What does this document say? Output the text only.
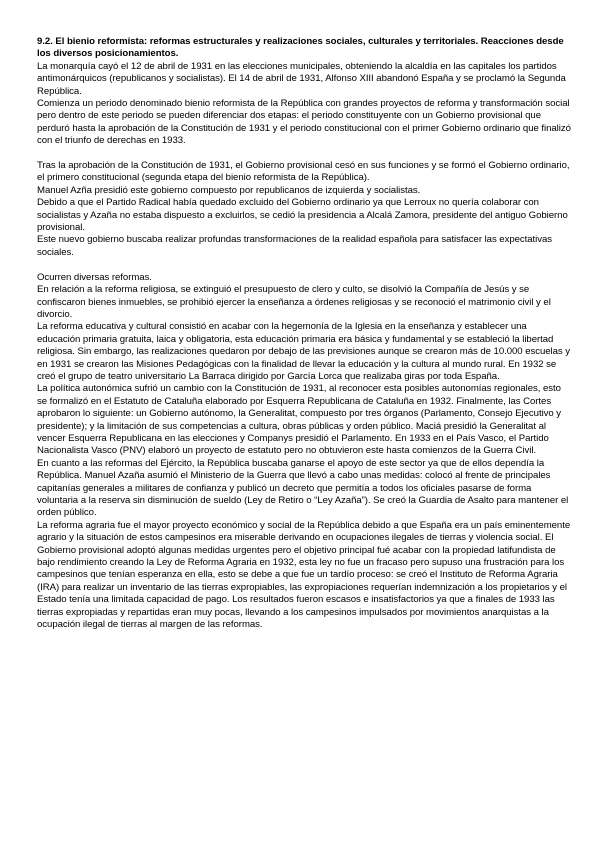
9.2. El bienio reformista: reformas estructurales y realizaciones sociales, culturales y territoriales. Reacciones desde los diversos posicionamientos.

La monarquía cayó el 12 de abril de 1931 en las elecciones municipales, obteniendo la alcaldía en las capitales los partidos antimonárquicos (republicanos y socialistas). El 14 de abril de 1931, Alfonso XIII abandonó España y se proclamó la Segunda República.

Comienza un periodo denominado bienio reformista de la República con grandes proyectos de reforma y transformación social pero dentro de este periodo se pueden diferenciar dos etapas: el periodo constituyente con un Gobierno provisional que perduró hasta la aprobación de la Constitución de 1931 y el periodo constitucional con el primer Gobierno ordinario que finalizó con el triunfo de derechas en 1933.

Tras la aprobación de la Constitución de 1931, el Gobierno provisional cesó en sus funciones y se formó el Gobierno ordinario, el primero constitucional (segunda etapa del bienio reformista de la República).

Manuel Azña presidió este gobierno compuesto por republicanos de izquierda y socialistas.

Debido a que el Partido Radical había quedado excluido del Gobierno ordinario ya que Lerroux no quería colaborar con socialistas y Azaña no estaba dispuesto a excluirlos, se cedió la presidencia a Alcalá Zamora, presidente del antiguo Gobierno provisional.

Este nuevo gobierno buscaba realizar profundas transformaciones de la realidad española para satisfacer las expectativas sociales.

Ocurren diversas reformas.

En relación a la reforma religiosa, se extinguió el presupuesto de clero y culto, se disolvió la Compañía de Jesús y se confiscaron bienes inmuebles, se prohibió ejercer la enseñanza a órdenes religiosas y se reconoció el matrimonio civil y el divorcio.

La reforma educativa y cultural consistió en acabar con la hegemonía de la Iglesia en la enseñanza y establecer una educación primaria gratuita, laica y obligatoria, esta educación primaria era básica y fundamental y se estableció la libertad religiosa. Sin embargo, las realizaciones quedaron por debajo de las previsiones aunque se crearon más de 10.000 escuelas y en 1931 se crearon las Misiones Pedagógicas con la finalidad de llevar la educación y la cultura al mundo rural. En 1932 se creó el grupo de teatro universitario La Barraca dirigido por García Lorca que realizaba giras por toda España.

La política autonómica sufrió un cambio con la Constitución de 1931, al reconocer esta posibles autonomías regionales, esto se formalizó en el Estatuto de Cataluña elaborado por Esquerra Republicana de Cataluña en 1932. Finalmente, las Cortes aprobaron lo siguiente: un Gobierno autónomo, la Generalitat, compuesto por tres órganos (Parlamento, Consejo Ejecutivo y presidente); y la limitación de sus competencias a cultura, obras públicas y orden público. Maciá presidió la Generalitat al vencer Esquerra Republicana en las elecciones y Companys presidió el Parlamento. En 1933 en el País Vasco, el Partido Nacionalista Vasco (PNV) elaboró un proyecto de estatuto pero no obtuvieron este hasta comienzos de la Guerra Civil.

En cuanto a las reformas del Ejército, la República buscaba ganarse el apoyo de este sector ya que de ellos dependía la República. Manuel Azaña asumió el Ministerio de la Guerra que llevó a cabo unas medidas: colocó al frente de principales capitanías generales a militares de confianza y publicó un decreto que permitía a todos los oficiales pasarse de forma voluntaria a la reserva sin disminución de sueldo (Ley de Retiro o “Ley Azaña”). Se creó la Guardia de Asalto para mantener el orden público.

La reforma agraria fue el mayor proyecto económico y social de la República debido a que España era un país eminentemente agrario y la situación de estos campesinos era miserable derivando en ocupaciones ilegales de tierras y violencia social. El Gobierno provisional adoptó algunas medidas urgentes pero el objetivo principal fué acabar con la propiedad latifundista de bajo rendimiento creando la Ley de Reforma Agraria en 1932, esta ley no fue un fracaso pero supuso una frustración para los campesinos que tenían esperanza en ella, esto se debe a que fue un tardío proceso: se creó el Instituto de Reforma Agraria (IRA) para realizar un inventario de las tierras expropiables, las expropiaciones requerían indemnización a los propietarios y el Estado tenía una limitada capacidad de pago. Los resultados fueron escasos e insatisfactorios ya que a finales de 1933 las tierras expropiadas y repartidas eran muy pocas, llevando a los campesinos impulsados por movimientos anarquistas a la ocupación ilegal de tierras al margen de las reformas.
